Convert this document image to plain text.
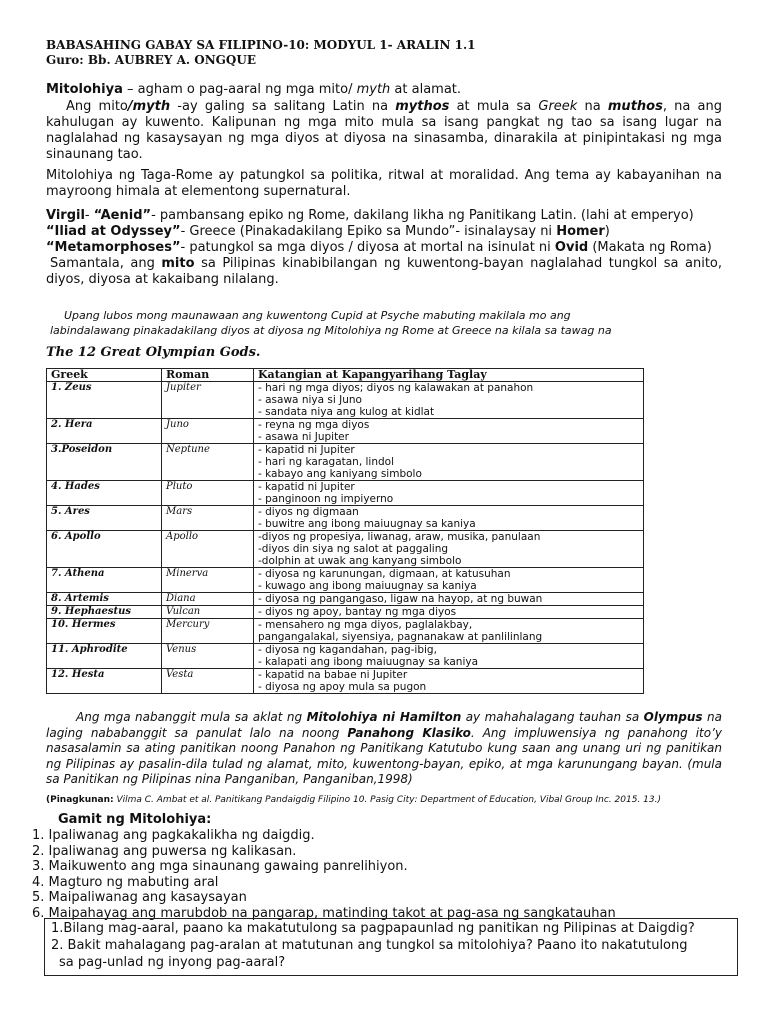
BABASAHING GABAY SA FILIPINO-10: MODYUL 1- ARALIN 1.1
Guro: Bb. AUBREY A. ONGQUE
Mitolohiya – agham o pag-aaral ng mga mito/ myth at alamat.
Ang mito/myth -ay galing sa salitang Latin na mythos at mula sa Greek na muthos, na ang kahulugan ay kuwento. Kalipunan ng mga mito mula sa isang pangkat ng tao sa isang lugar na naglalahad ng kasaysayan ng mga diyos at diyosa na sinasamba, dinarakila at pinipintakasi ng mga sinaunang tao.
Mitolohiya ng Taga-Rome ay patungkol sa politika, ritwal at moralidad. Ang tema ay kabayanihan na mayroong himala at elementong supernatural.
Virgil- “Aenid”- pambansang epiko ng Rome, dakilang likha ng Panitikang Latin. (lahi at emperyo)
“Iliad at Odyssey”- Greece (Pinakadakilang Epiko sa Mundo”- isinalaysay ni Homer)
“Metamorphoses”- patungkol sa mga diyos / diyosa at mortal na isinulat ni Ovid (Makata ng Roma)
Samantala, ang mito sa Pilipinas kinabibilangan ng kuwentong-bayan naglalahad tungkol sa anito, diyos, diyosa at kakaibang nilalang.
Upang lubos mong maunawaan ang kuwentong Cupid at Psyche mabuting makilala mo ang
labindalawang pinakadakilang diyos at diyosa ng Mitolohiya ng Rome at Greece na kilala sa tawag na
The 12 Great Olympian Gods.
Greek	Roman	Katangian at Kapangyarihang Taglay
1. Zeus	Jupiter	- hari ng mga diyos; diyos ng kalawakan at panahon
- asawa niya si Juno
- sandata niya ang kulog at kidlat

2. Hera	Juno	- reyna ng mga diyos
- asawa ni Jupiter

3.Poseidon	Neptune	- kapatid ni Jupiter
- hari ng karagatan, lindol
- kabayo ang kaniyang simbolo

4. Hades	Pluto	- kapatid ni Jupiter
- panginoon ng impiyerno

5. Ares	Mars	- diyos ng digmaan
- buwitre ang ibong maiuugnay sa kaniya

6. Apollo	Apollo	-diyos ng propesiya, liwanag, araw, musika, panulaan
-diyos din siya ng salot at paggaling
-dolphin at uwak ang kanyang simbolo

7. Athena	Minerva	- diyosa ng karunungan, digmaan, at katusuhan
- kuwago ang ibong maiuugnay sa kaniya

8. Artemis	Diana	- diyosa ng pangangaso, ligaw na hayop, at ng buwan

9. Hephaestus	Vulcan	- diyos ng apoy, bantay ng mga diyos

10. Hermes	Mercury	- mensahero ng mga diyos, paglalakbay,
pangangalakal, siyensiya, pagnanakaw at panlilinlang

11. Aphrodite	Venus	- diyosa ng kagandahan, pag-ibig,
- kalapati ang ibong maiuugnay sa kaniya

12. Hesta	Vesta	- kapatid na babae ni Jupiter
- diyosa ng apoy mula sa pugon
Ang mga nabanggit mula sa aklat ng Mitolohiya ni Hamilton ay mahahalagang tauhan sa Olympus na laging nababanggit sa panulat lalo na noong Panahong Klasiko. Ang impluwensiya ng panahong ito’y nasasalamin sa ating panitikan noong Panahon ng Panitikang Katutubo kung saan ang unang uri ng panitikan ng Pilipinas ay pasalin-dila tulad ng alamat, mito, kuwentong-bayan, epiko, at mga karunungang bayan. (mula sa Panitikan ng Pilipinas nina Panganiban, Panganiban,1998)
(Pinagkunan: Vilma C. Ambat et al. Panitikang Pandaigdig Filipino 10. Pasig City: Department of Education, Vibal Group Inc. 2015. 13.)
Gamit ng Mitolohiya:
1. Ipaliwanag ang pagkakalikha ng daigdig.
2. Ipaliwanag ang puwersa ng kalikasan.
3. Maikuwento ang mga sinaunang gawaing panrelihiyon.
4. Magturo ng mabuting aral
5. Maipaliwanag ang kasaysayan
6. Maipahayag ang marubdob na pangarap, matinding takot at pag-asa ng sangkatauhan
1.Bilang mag-aaral, paano ka makatutulong sa pagpapaunlad ng panitikan ng Pilipinas at Daigdig?
2. Bakit mahalagang pag-aralan at matutunan ang tungkol sa mitolohiya? Paano ito nakatutulong
sa pag-unlad ng inyong pag-aaral?
